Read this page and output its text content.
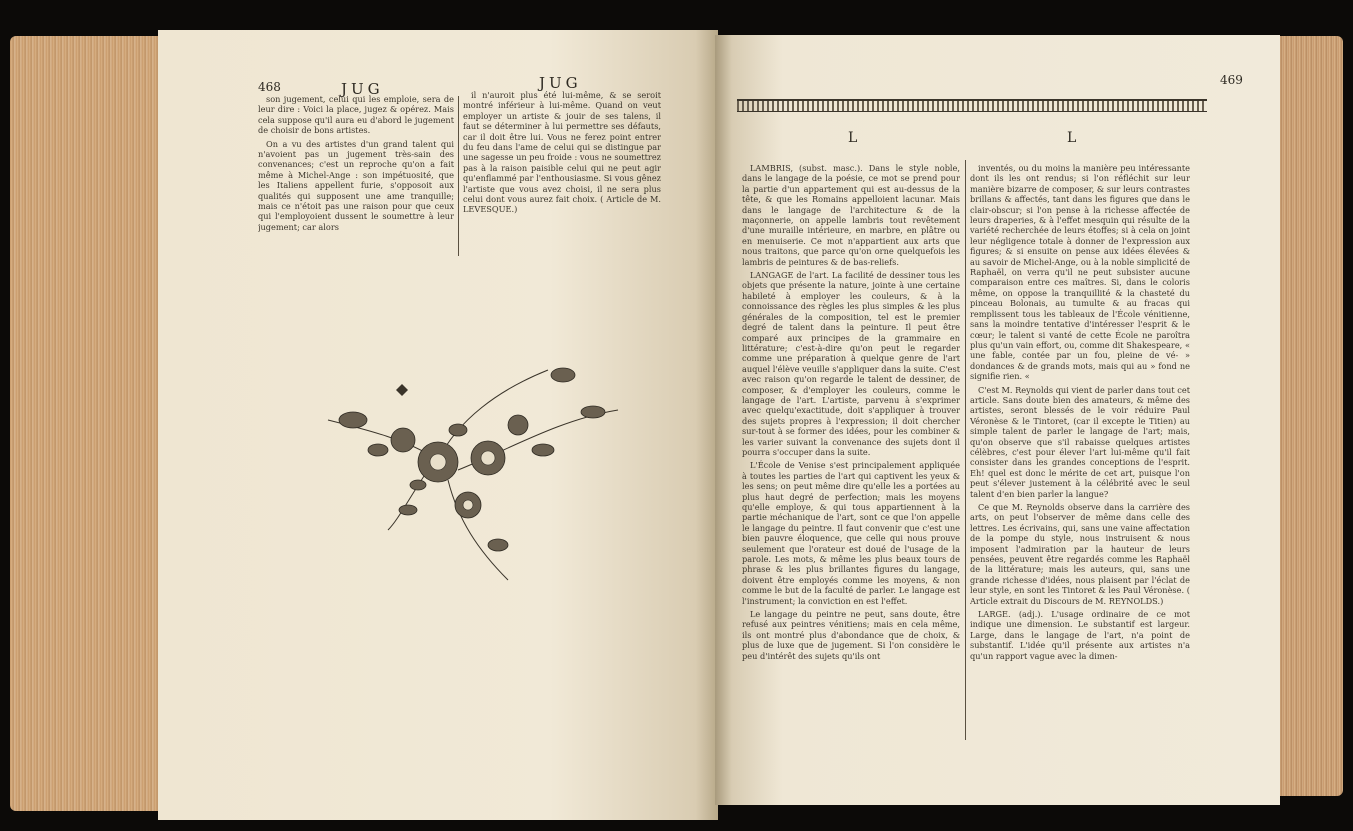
468	JUG	JUG

son jugement, celui qui les emploie, sera de leur dire : Voici la place, jugez & opérez. Mais cela suppose qu'il aura eu d'abord le jugement de choisir de bons artistes.

On a vu des artistes d'un grand talent qui n'avoient pas un jugement très-sain des convenances; c'est un reproche qu'on a fait même à Michel-Ange : son impétuosité, que les Italiens appellent furie, s'opposoit aux qualités qui supposent une ame tranquille; mais ce n'étoit pas une raison pour que ceux qui l'employoient dussent le soumettre à leur jugement; car alors

il n'auroit plus été lui-même, & se seroit montré inférieur à lui-même. Quand on veut employer un artiste & jouir de ses talens, il faut se déterminer à lui permettre ses défauts, car il doit être lui. Vous ne ferez point entrer du feu dans l'ame de celui qui se distingue par une sagesse un peu froide : vous ne soumettrez pas à la raison paisible celui qui ne peut agir qu'enflammé par l'enthousiasme. Si vous gênez l'artiste que vous avez choisi, il ne sera plus celui dont vous aurez fait choix. ( Article de M. LEVESQUE.)

469
L	L

LAMBRIS, (subst. masc.). Dans le style noble, dans le langage de la poésie, ce mot se prend pour la partie d'un appartement qui est au-dessus de la tête, & que les Romains appelloient lacunar. Mais dans le langage de l'architecture & de la maçonnerie, on appelle lambris tout revêtement d'une muraille intérieure, en marbre, en plâtre ou en menuiserie. Ce mot n'appartient aux arts que nous traitons, que parce qu'on orne quelquefois les lambris de peintures & de bas-reliefs.

LANGAGE de l'art. La facilité de dessiner tous les objets que présente la nature, jointe à une certaine habileté à employer les couleurs, & à la connoissance des règles les plus simples & les plus générales de la composition, tel est le premier degré de talent dans la peinture. Il peut être comparé aux principes de la grammaire en littérature; c'est-à-dire qu'on peut le regarder comme une préparation à quelque genre de l'art auquel l'élève veuille s'appliquer dans la suite. C'est avec raison qu'on regarde le talent de dessiner, de composer, & d'employer les couleurs, comme le langage de l'art. L'artiste, parvenu à s'exprimer avec quelqu'exactitude, doit s'appliquer à trouver des sujets propres à l'expression; il doit chercher sur-tout à se former des idées, pour les combiner & les varier suivant la convenance des sujets dont il pourra s'occuper dans la suite.

L'École de Venise s'est principalement appliquée à toutes les parties de l'art qui captivent les yeux & les sens; on peut même dire qu'elle les a portées au plus haut degré de perfection; mais les moyens qu'elle employe, & qui tous appartiennent à la partie méchanique de l'art, sont ce que l'on appelle le langage du peintre. Il faut convenir que c'est une bien pauvre éloquence, que celle qui nous prouve seulement que l'orateur est doué de l'usage de la parole. Les mots, & même les plus beaux tours de phrase & les plus brillantes figures du langage, doivent être employés comme les moyens, & non comme le but de la faculté de parler. Le langage est l'instrument; la conviction en est l'effet.

Le langage du peintre ne peut, sans doute, être refusé aux peintres vénitiens; mais en cela même, ils ont montré plus d'abondance que de choix, & plus de luxe que de jugement. Si l'on considère le peu d'intérêt des sujets qu'ils ont

inventés, ou du moins la manière peu intéressante dont ils les ont rendus; si l'on réfléchit sur leur manière bizarre de composer, & sur leurs contrastes brillans & affectés, tant dans les figures que dans le clair-obscur; si l'on pense à la richesse affectée de leurs draperies, & à l'effet mesquin qui résulte de la variété recherchée de leurs étoffes; si à cela on joint leur négligence totale à donner de l'expression aux figures; & si ensuite on pense aux idées élevées & au savoir de Michel-Ange, ou à la noble simplicité de Raphaël, on verra qu'il ne peut subsister aucune comparaison entre ces maîtres. Si, dans le coloris même, on oppose la tranquillité & la chasteté du pinceau Bolonais, au tumulte & au fracas qui remplissent tous les tableaux de l'École vénitienne, sans la moindre tentative d'intéresser l'esprit & le cœur; le talent si vanté de cette École ne paroîtra plus qu'un vain effort, ou, comme dit Shakespeare, « une fable, contée par un fou, pleine de vé- » dondances & de grands mots, mais qui au » fond ne signifie rien. «

C'est M. Reynolds qui vient de parler dans tout cet article. Sans doute bien des amateurs, & même des artistes, seront blessés de le voir réduire Paul Véronèse & le Tintoret, (car il excepte le Titien) au simple talent de parler le langage de l'art; mais, qu'on observe que s'il rabaisse quelques artistes célèbres, c'est pour élever l'art lui-même qu'il fait consister dans les grandes conceptions de l'esprit. Eh! quel est donc le mérite de cet art, puisque l'on peut s'élever justement à la célébrité avec le seul talent d'en bien parler la langue?

Ce que M. Reynolds observe dans la carrière des arts, on peut l'observer de même dans celle des lettres. Les écrivains, qui, sans une vaine affectation de la pompe du style, nous instruisent & nous imposent l'admiration par la hauteur de leurs pensées, peuvent être regardés comme les Raphaël de la littérature; mais les auteurs, qui, sans une grande richesse d'idées, nous plaisent par l'éclat de leur style, en sont les Tintoret & les Paul Véronèse. ( Article extrait du Discours de M. REYNOLDS.)

LARGE. (adj.). L'usage ordinaire de ce mot indique une dimension. Le substantif est largeur. Large, dans le langage de l'art, n'a point de substantif. L'idée qu'il présente aux artistes n'a qu'un rapport vague avec la dimen-
